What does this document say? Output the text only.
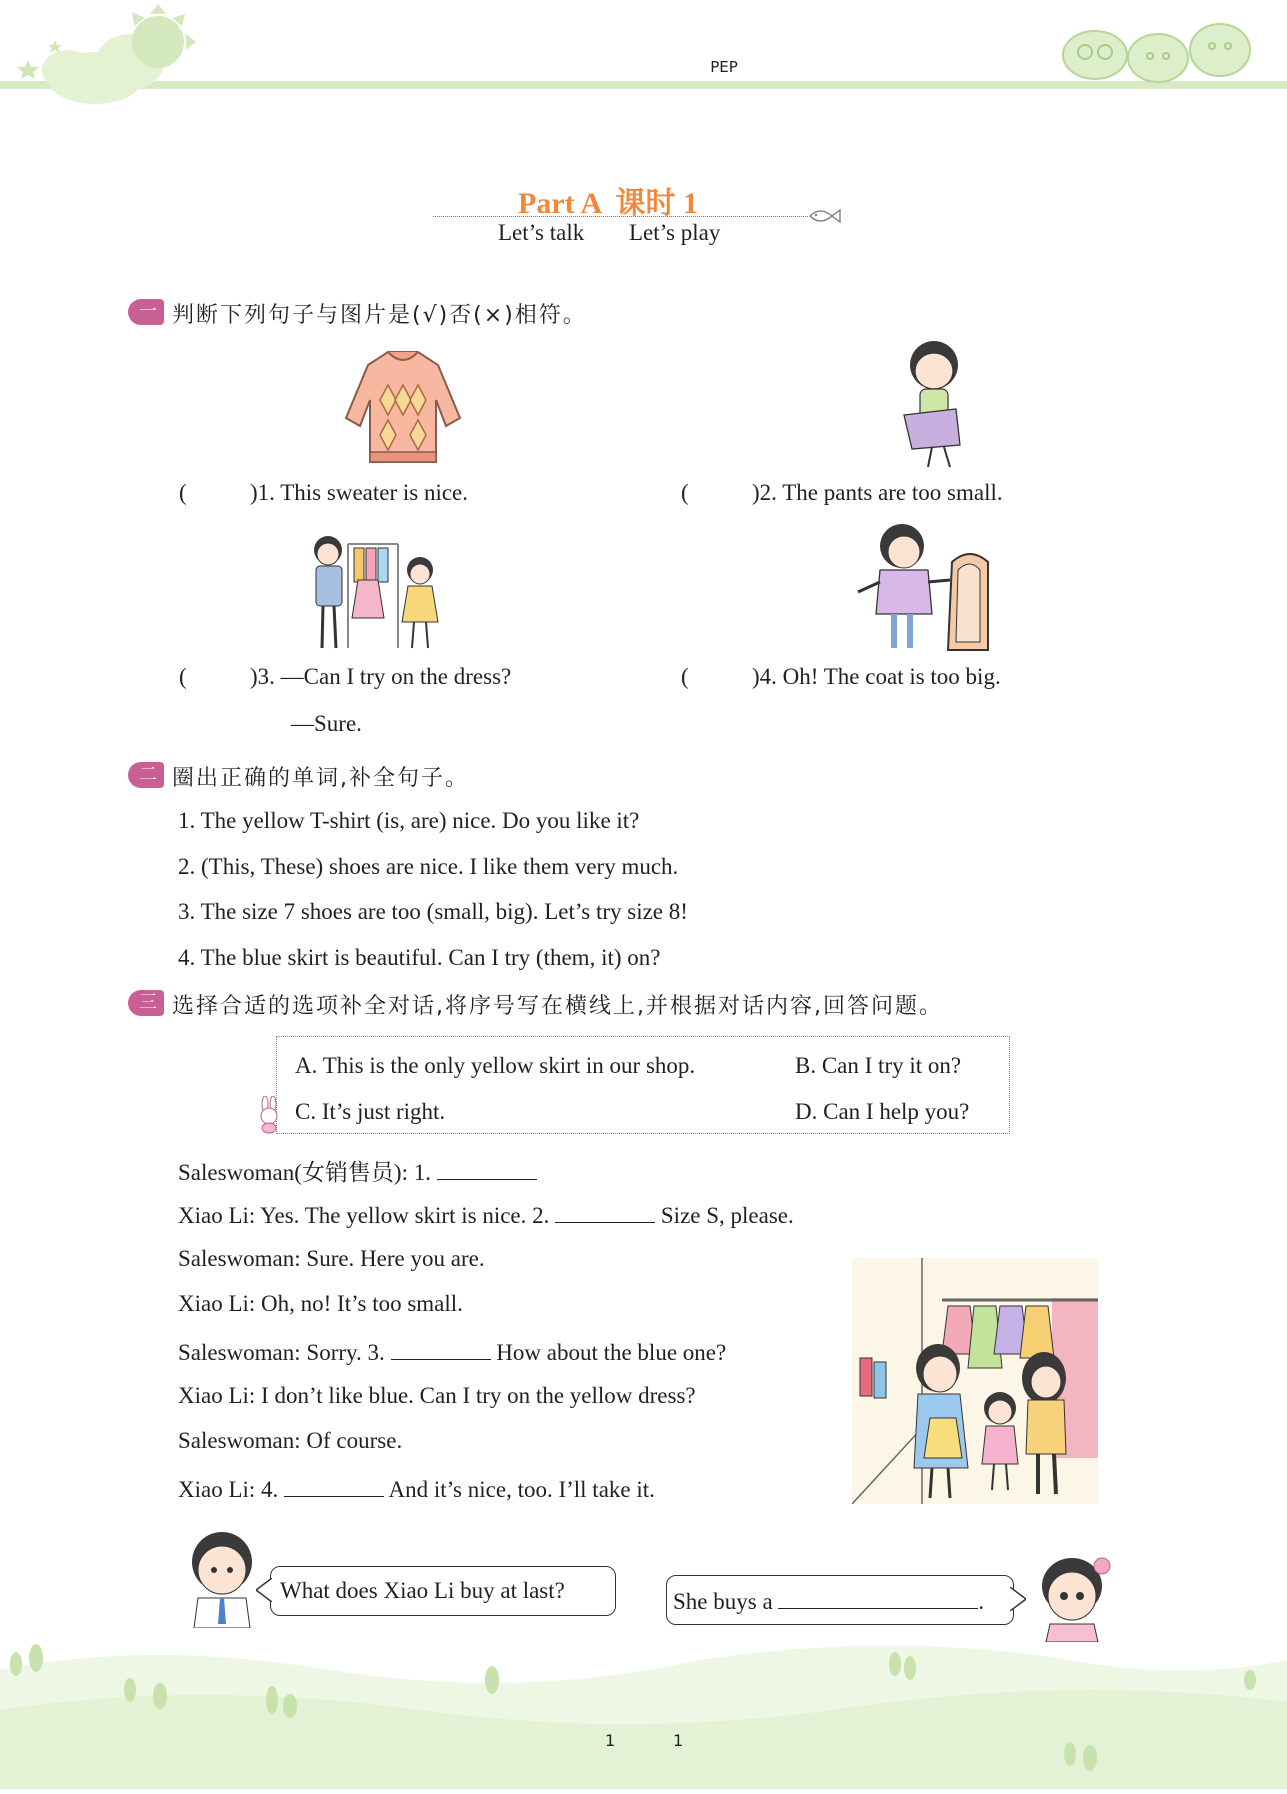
PEP
Part A  课时 1
Let’s talk Let’s play
一 判断下列句子与图片是(√)否(×)相符。
(	)1. This sweater is nice.	(	)2. The pants are too small.
(	)3. —Can I try on the dress?
—Sure.
(	)4. Oh! The coat is too big.
二 圈出正确的单词,补全句子。
1. The yellow T-shirt (is, are) nice. Do you like it?
2. (This, These) shoes are nice. I like them very much.
3. The size 7 shoes are too (small, big). Let’s try size 8!
4. The blue skirt is beautiful. Can I try (them, it) on?
三 选择合适的选项补全对话,将序号写在横线上,并根据对话内容,回答问题。
A. This is the only yellow skirt in our shop.	B. Can I try it on?
C. It’s just right.	D. Can I help you?
Saleswoman(女销售员): 1.
Xiao Li: Yes. The yellow skirt is nice. 2.	Size S, please.
Saleswoman: Sure. Here you are.
Xiao Li: Oh, no! It’s too small.
Saleswoman: Sorry. 3.	How about the blue one?
Xiao Li: I don’t like blue. Can I try on the yellow dress?
Saleswoman: Of course.
Xiao Li: 4.	And it’s nice, too. I’ll take it.
What does Xiao Li buy at last?	She buys a	.
1	1
